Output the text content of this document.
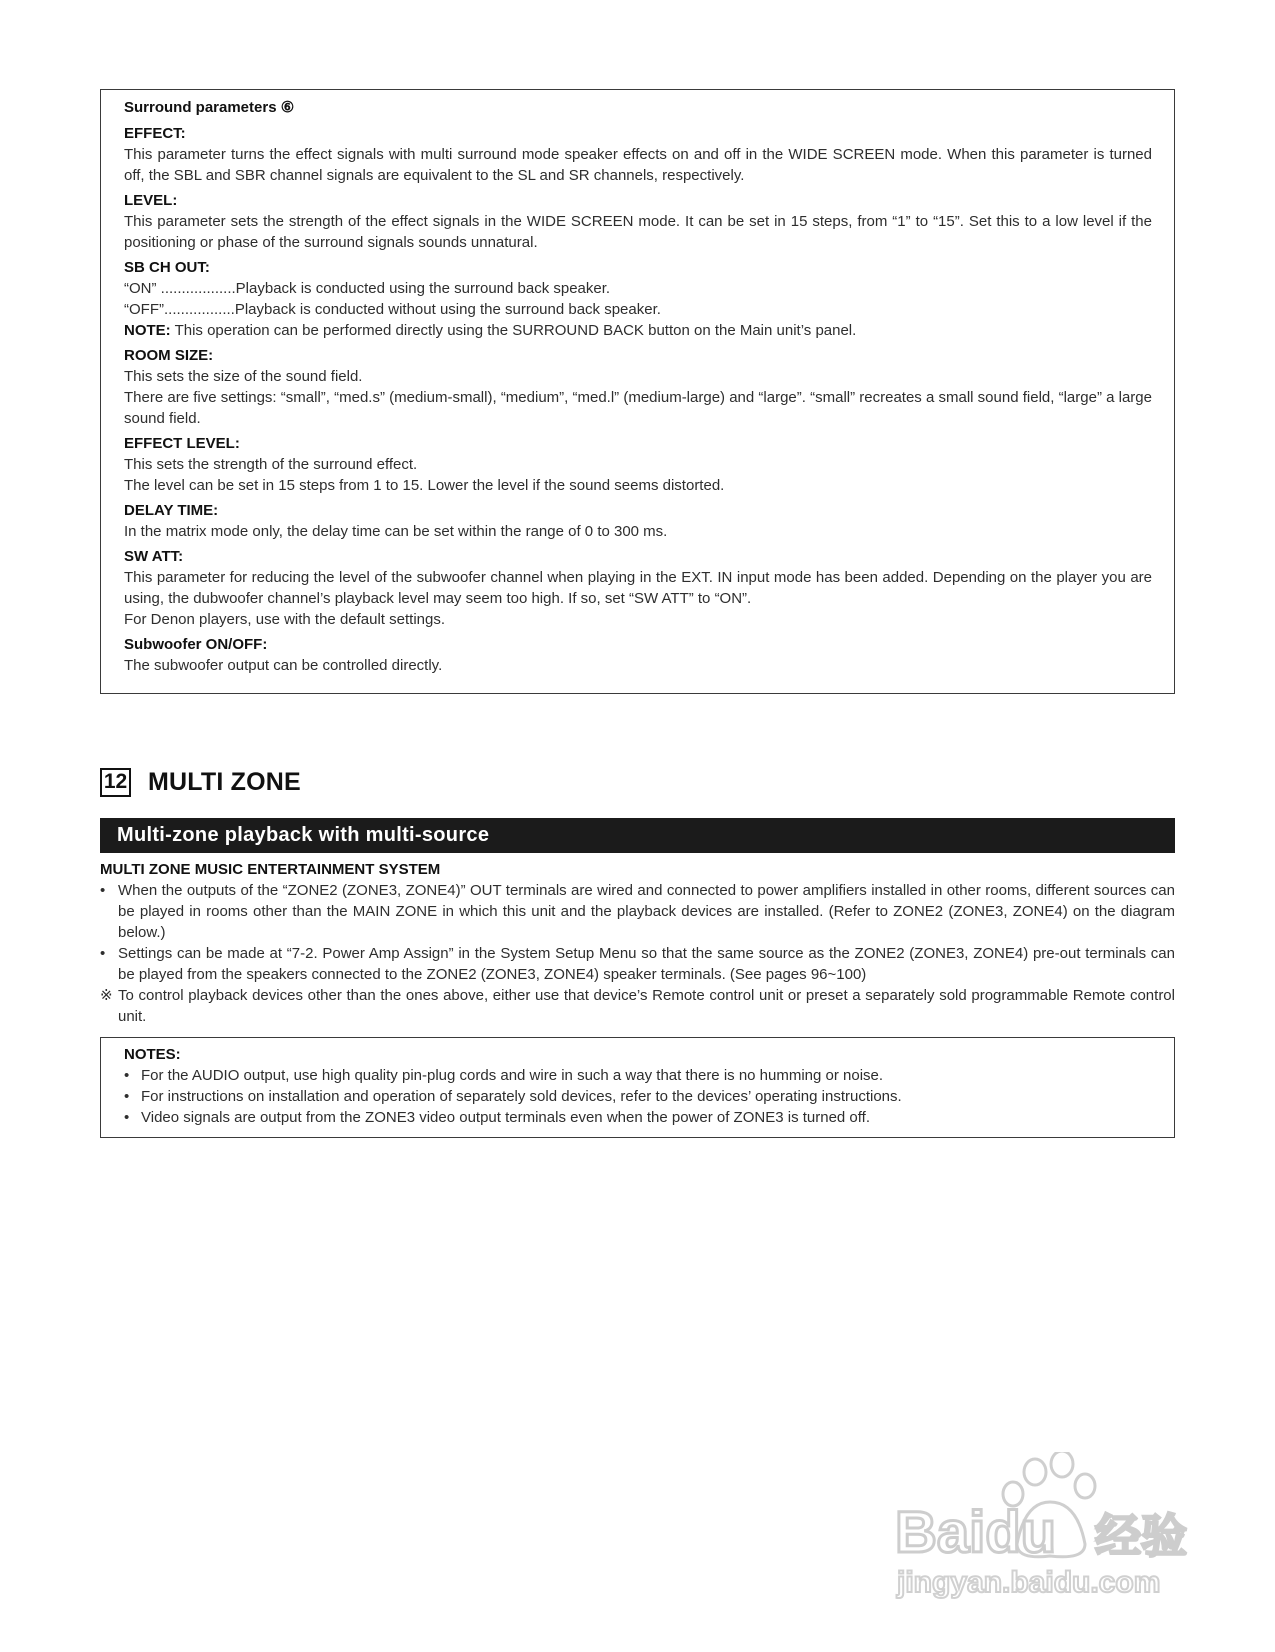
Surround parameters ⑥
EFFECT:
This parameter turns the effect signals with multi surround mode speaker effects on and off in the WIDE SCREEN mode. When this parameter is turned off, the SBL and SBR channel signals are equivalent to the SL and SR channels, respectively.
LEVEL:
This parameter sets the strength of the effect signals in the WIDE SCREEN mode. It can be set in 15 steps, from “1” to “15”. Set this to a low level if the positioning or phase of the surround signals sounds unnatural.
SB CH OUT:
“ON” ..................Playback is conducted using the surround back speaker.
“OFF”.................Playback is conducted without using the surround back speaker.
NOTE: This operation can be performed directly using the SURROUND BACK button on the Main unit’s panel.
ROOM SIZE:
This sets the size of the sound field.
There are five settings: “small”, “med.s” (medium-small), “medium”, “med.l” (medium-large) and “large”. “small” recreates a small sound field, “large” a large sound field.
EFFECT LEVEL:
This sets the strength of the surround effect.
The level can be set in 15 steps from 1 to 15. Lower the level if the sound seems distorted.
DELAY TIME:
In the matrix mode only, the delay time can be set within the range of 0 to 300 ms.
SW ATT:
This parameter for reducing the level of the subwoofer channel when playing in the EXT. IN input mode has been added. Depending on the player you are using, the dubwoofer channel’s playback level may seem too high. If so, set “SW ATT” to “ON”.
For Denon players, use with the default settings.
Subwoofer ON/OFF:
The subwoofer output can be controlled directly.
12 MULTI ZONE
Multi-zone playback with multi-source
MULTI ZONE MUSIC ENTERTAINMENT SYSTEM
• When the outputs of the “ZONE2 (ZONE3, ZONE4)” OUT terminals are wired and connected to power amplifiers installed in other rooms, different sources can be played in rooms other than the MAIN ZONE in which this unit and the playback devices are installed. (Refer to ZONE2 (ZONE3, ZONE4) on the diagram below.)
• Settings can be made at “7-2. Power Amp Assign” in the System Setup Menu so that the same source as the ZONE2 (ZONE3, ZONE4) pre-out terminals can be played from the speakers connected to the ZONE2 (ZONE3, ZONE4) speaker terminals. (See pages 96~100)
※ To control playback devices other than the ones above, either use that device’s Remote control unit or preset a separately sold programmable Remote control unit.
NOTES:
• For the AUDIO output, use high quality pin-plug cords and wire in such a way that there is no humming or noise.
• For instructions on installation and operation of separately sold devices, refer to the devices’ operating instructions.
• Video signals are output from the ZONE3 video output terminals even when the power of ZONE3 is turned off.
Baidu 经验
jingyan.baidu.com
